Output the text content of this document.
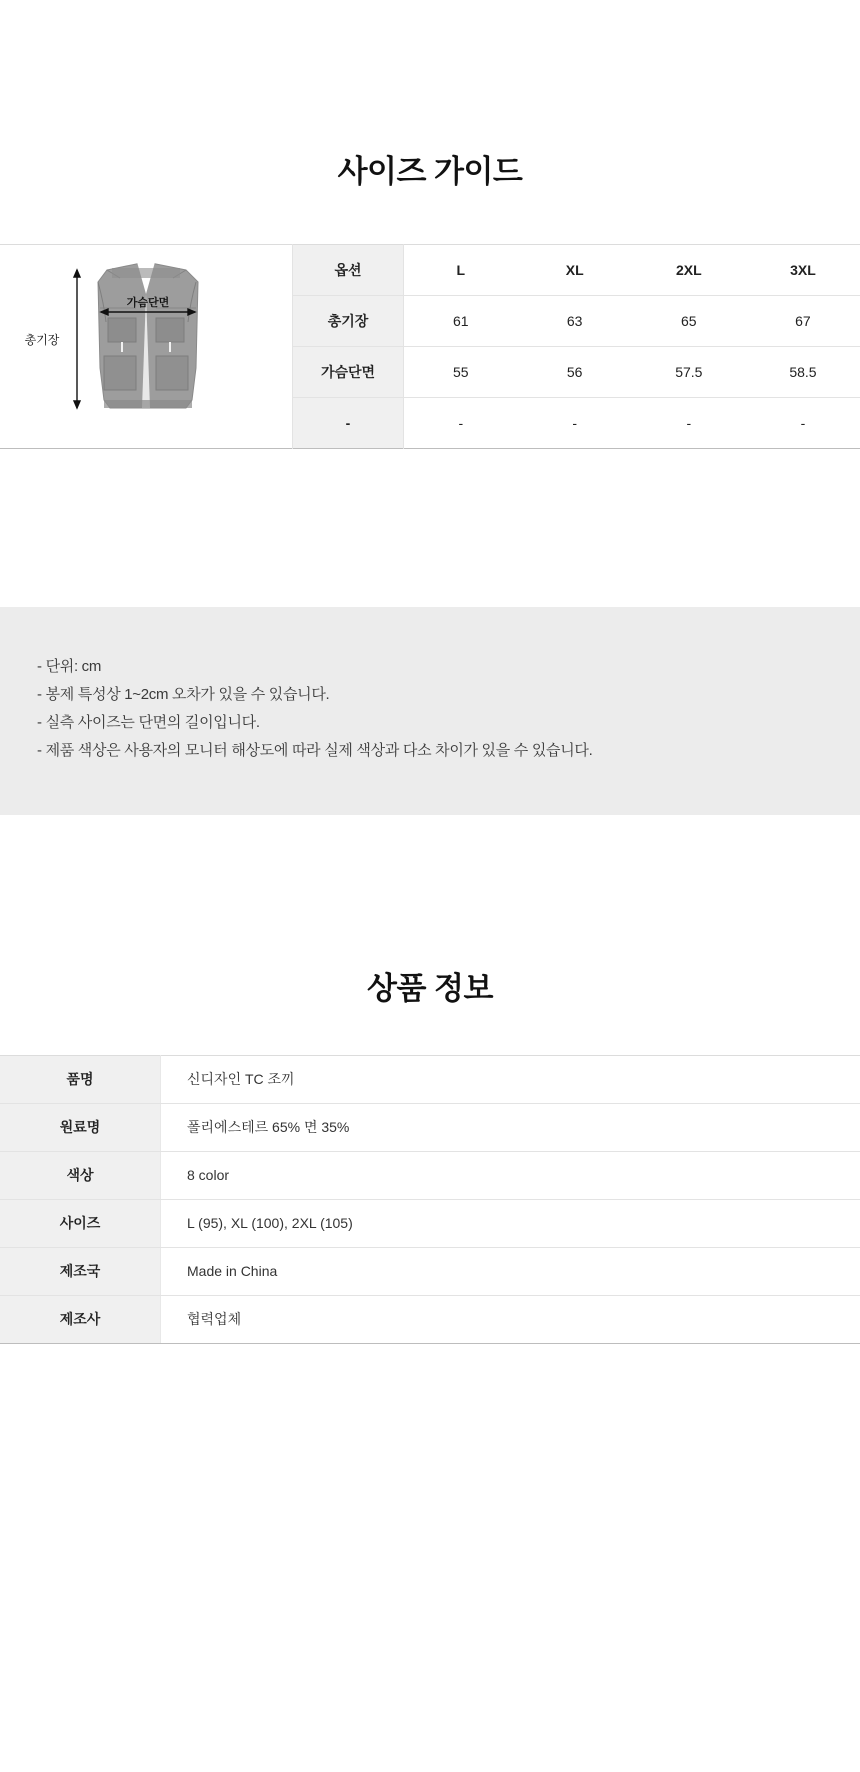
사이즈 가이드
가슴단면
총기장	옵션	L	XL	2XL	3XL
	총기장	61	63	65	67
	가슴단면	55	56	57.5	58.5
	-	-	-	-	-
- 단위: cm
- 봉제 특성상 1~2cm 오차가 있을 수 있습니다.
- 실측 사이즈는 단면의 길이입니다.
- 제품 색상은 사용자의 모니터 해상도에 따라 실제 색상과 다소 차이가 있을 수 있습니다.
상품 정보
품명	신디자인 TC 조끼
원료명	폴리에스테르 65% 면 35%
색상	8 color
사이즈	L (95), XL (100), 2XL (105)
제조국	Made in China
제조사	협력업체
